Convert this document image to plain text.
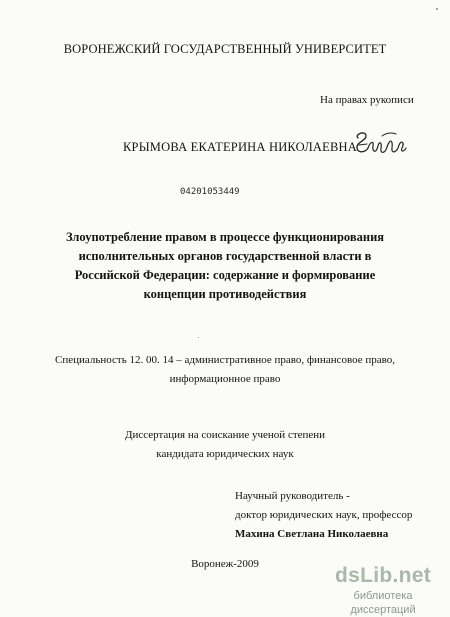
ВОРОНЕЖСКИЙ ГОСУДАРСТВЕННЫЙ УНИВЕРСИТЕТ
На правах рукописи
КРЫМОВА ЕКАТЕРИНА НИКОЛАЕВНА
04201053449
Злоупотребление правом в процессе функционирования
исполнительных органов государственной власти в
Российской Федерации: содержание и формирование
концепции противодействия
Специальность 12. 00. 14 – административное право, финансовое право,
информационное право
Диссертация на соискание ученой степени
кандидата юридических наук
Научный руководитель -
доктор юридических наук, профессор
Махина Светлана Николаевна
Воронеж-2009	dsLib.net
библиотека диссертаций
